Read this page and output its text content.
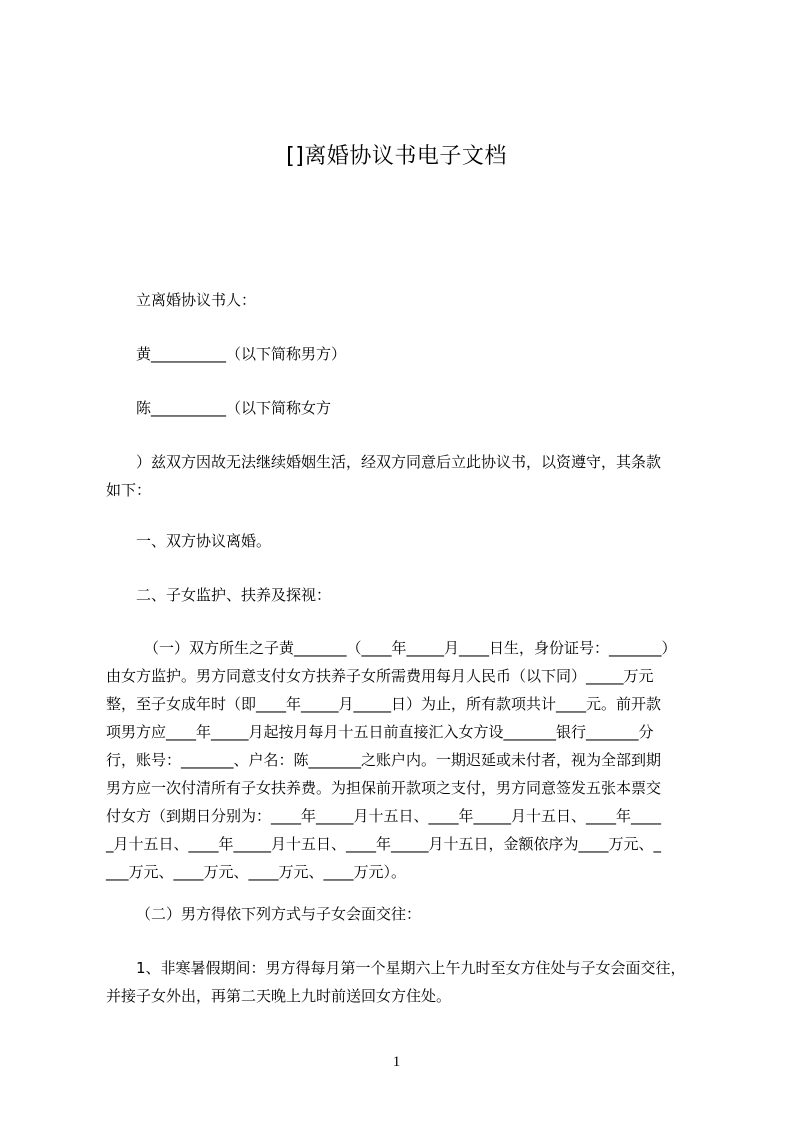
[]离婚协议书电子文档
立离婚协议书人：
黄__________（以下简称男方）
陈__________（以下简称女方
）兹双方因故无法继续婚姻生活，经双方同意后立此协议书，以资遵守，其条款
如下：
一、双方协议离婚。
二、子女监护、扶养及探视：
（一）双方所生之子黄_______（____年_____月____日生，身份证号：_______）
由女方监护。男方同意支付女方扶养子女所需费用每月人民币（以下同）_____万元
整，至子女成年时（即____年_____月_____日）为止，所有款项共计____元。前开款
项男方应____年_____月起按月每月十五日前直接汇入女方设_______银行_______分
行，账号：_______、户名：陈_______之账户内。一期迟延或未付者，视为全部到期
男方应一次付清所有子女扶养费。为担保前开款项之支付，男方同意签发五张本票交
付女方（到期日分别为：____年_____月十五日、____年_____月十五日、____年____
_月十五日、____年_____月十五日、____年_____月十五日，金额依序为____万元、_
___万元、____万元、____万元、____万元）。
（二）男方得依下列方式与子女会面交往：
1、非寒暑假期间：男方得每月第一个星期六上午九时至女方住处与子女会面交往，
并接子女外出，再第二天晚上九时前送回女方住处。
1
